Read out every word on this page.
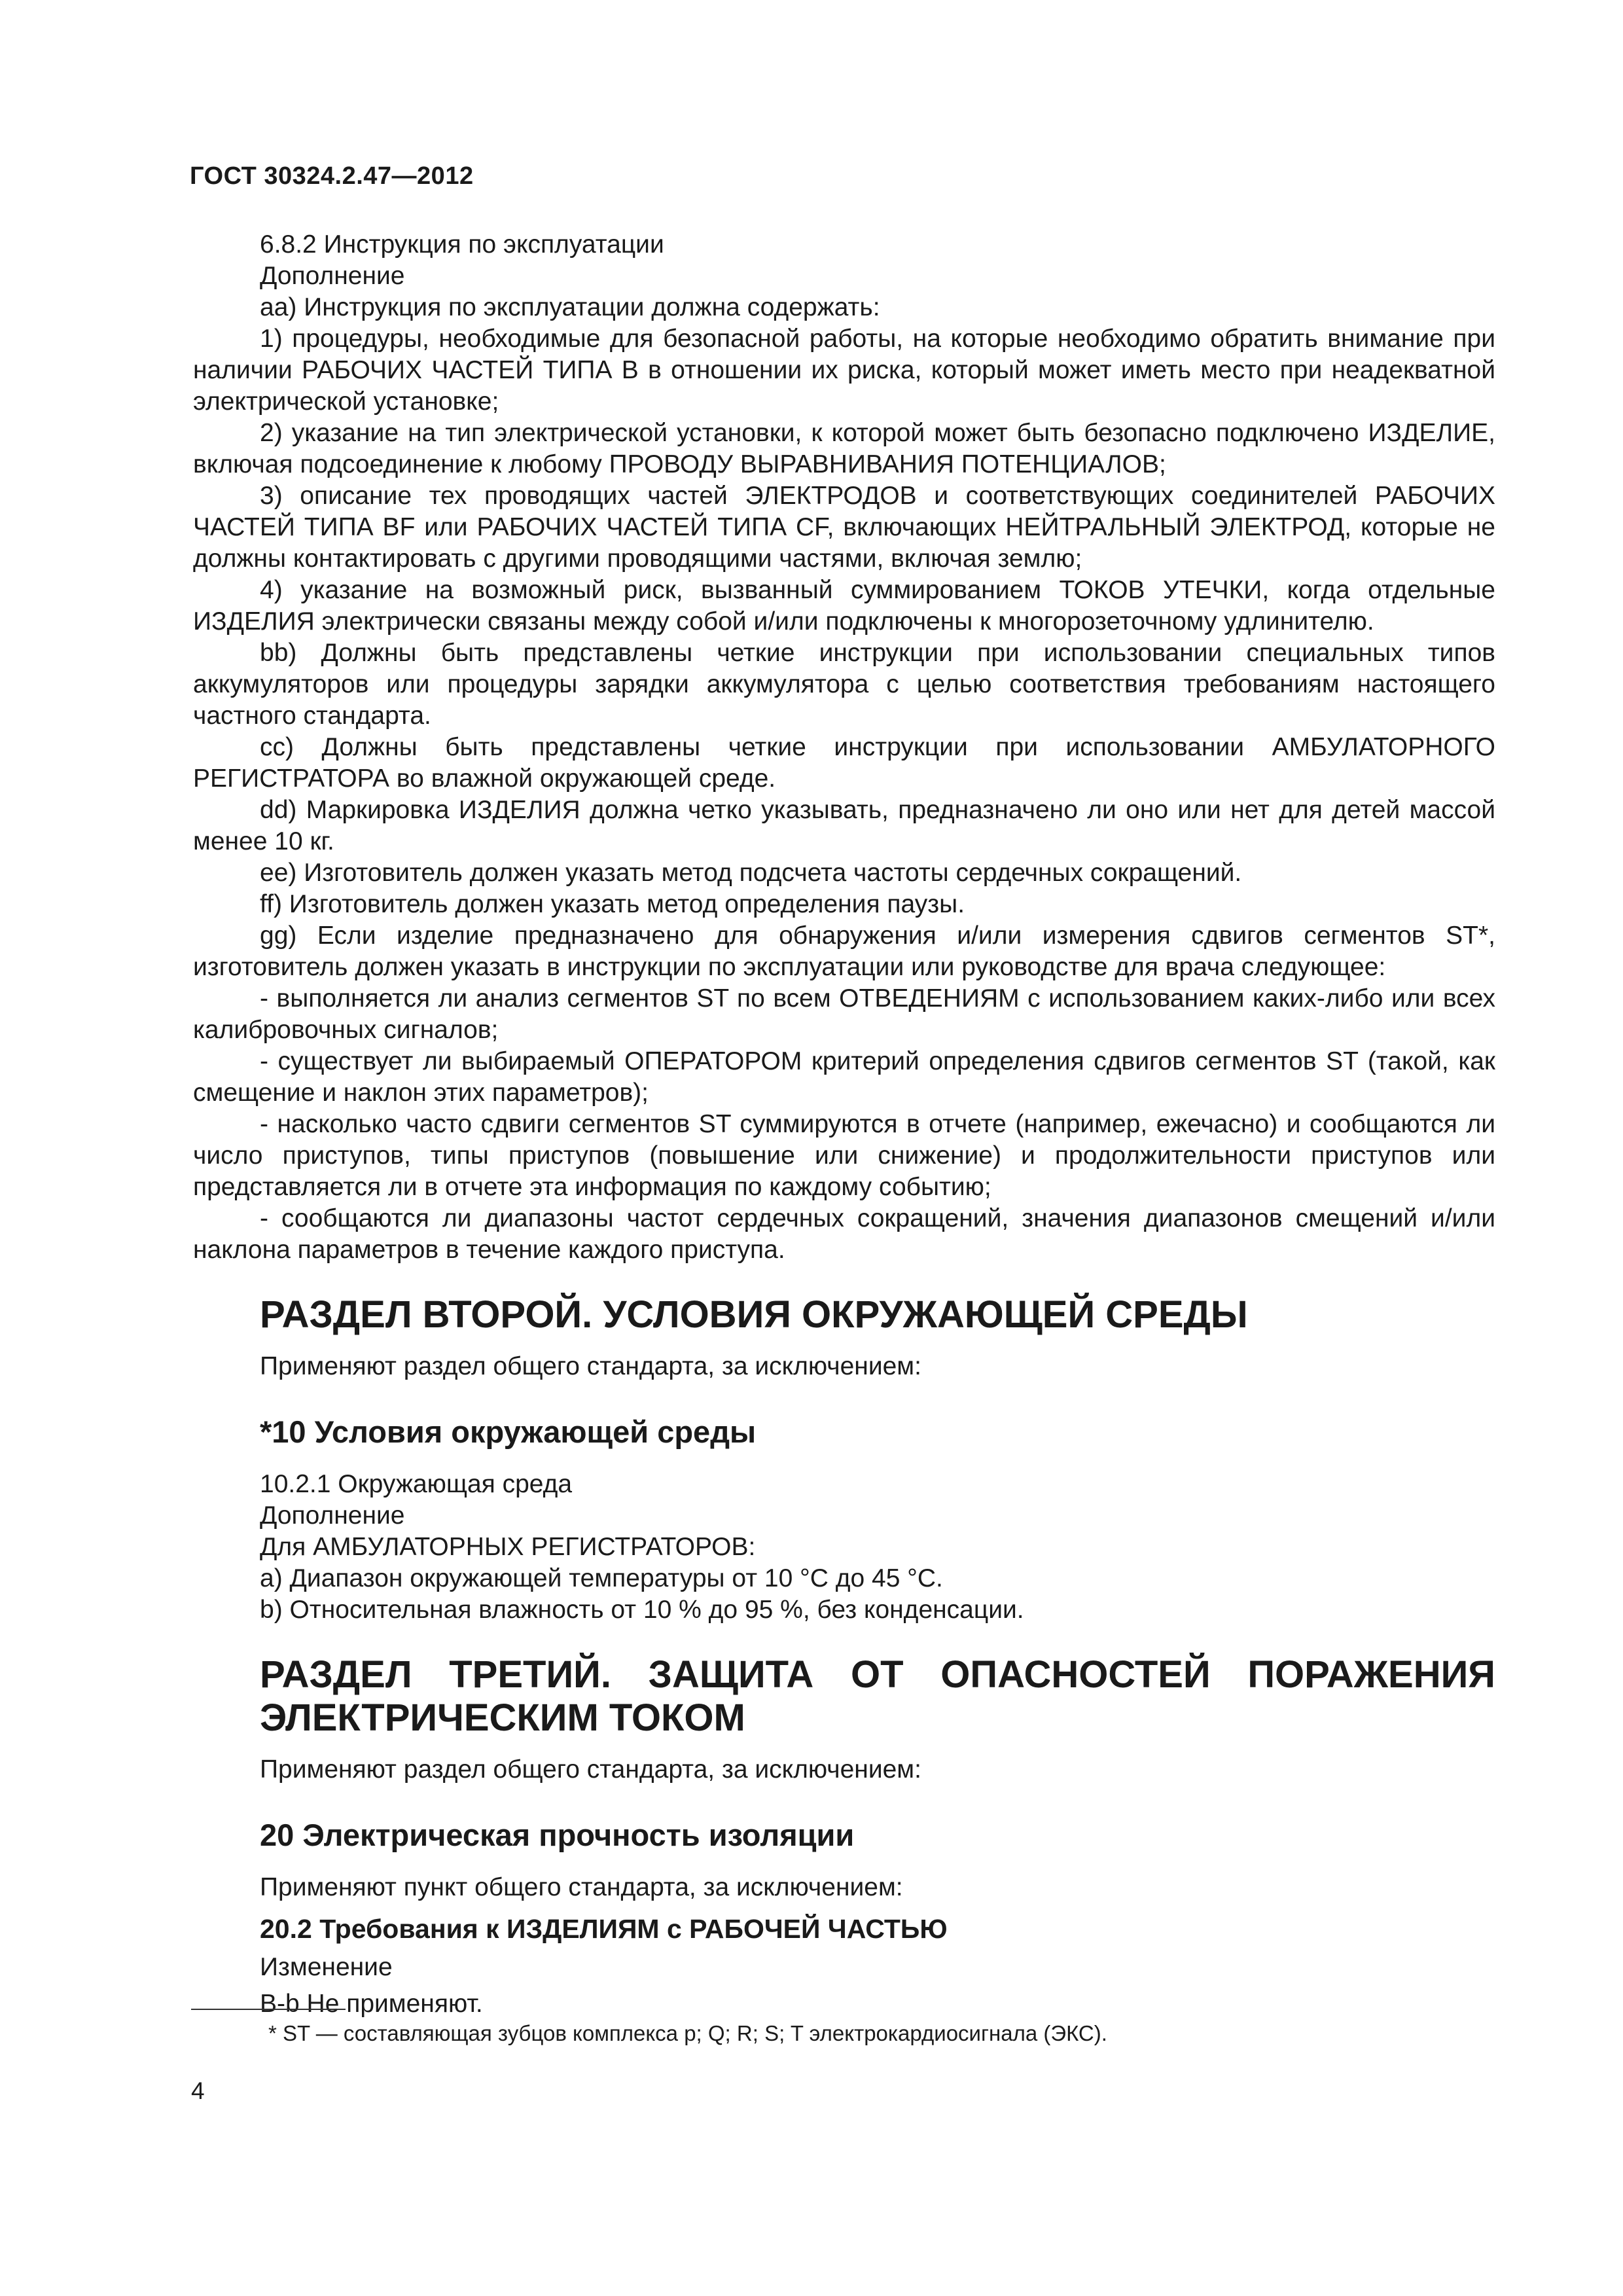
ГОСТ 30324.2.47—2012
6.8.2 Инструкция по эксплуатации
Дополнение
аа) Инструкция по эксплуатации должна содержать:

1) процедуры, необходимые для безопасной работы, на которые необходимо обратить внимание при наличии РАБОЧИХ ЧАСТЕЙ ТИПА В в отношении их риска, который может иметь место при неадекватной электрической установке;

2) указание на тип электрической установки, к которой может быть безопасно подключено ИЗДЕЛИЕ, включая подсоединение к любому ПРОВОДУ ВЫРАВНИВАНИЯ ПОТЕНЦИАЛОВ;

3) описание тех проводящих частей ЭЛЕКТРОДОВ и соответствующих соединителей РАБОЧИХ ЧАСТЕЙ ТИПА BF или РАБОЧИХ ЧАСТЕЙ ТИПА CF, включающих НЕЙТРАЛЬНЫЙ ЭЛЕКТРОД, которые не должны контактировать с другими проводящими частями, включая землю;

4) указание на возможный риск, вызванный суммированием ТОКОВ УТЕЧКИ, когда отдельные ИЗДЕЛИЯ электрически связаны между собой и/или подключены к многорозеточному удлинителю.

bb) Должны быть представлены четкие инструкции при использовании специальных типов аккумуляторов или процедуры зарядки аккумулятора с целью соответствия требованиям настоящего частного стандарта.

cc) Должны быть представлены четкие инструкции при использовании АМБУЛАТОРНОГО РЕГИСТРАТОРА во влажной окружающей среде.

dd) Маркировка ИЗДЕЛИЯ должна четко указывать, предназначено ли оно или нет для детей массой менее 10 кг.

ee) Изготовитель должен указать метод подсчета частоты сердечных сокращений.

ff) Изготовитель должен указать метод определения паузы.

gg) Если изделие предназначено для обнаружения и/или измерения сдвигов сегментов ST*, изготовитель должен указать в инструкции по эксплуатации или руководстве для врача следующее:

- выполняется ли анализ сегментов ST по всем ОТВЕДЕНИЯМ с использованием каких-либо или всех калибровочных сигналов;

- существует ли выбираемый ОПЕРАТОРОМ критерий определения сдвигов сегментов ST (такой, как смещение и наклон этих параметров);

- насколько часто сдвиги сегментов ST суммируются в отчете (например, ежечасно) и сообщаются ли число приступов, типы приступов (повышение или снижение) и продолжительности приступов или представляется ли в отчете эта информация по каждому событию;

- сообщаются ли диапазоны частот сердечных сокращений, значения диапазонов смещений и/или наклона параметров в течение каждого приступа.

РАЗДЕЛ ВТОРОЙ. УСЛОВИЯ ОКРУЖАЮЩЕЙ СРЕДЫ
Применяют раздел общего стандарта, за исключением:
*10 Условия окружающей среды
10.2.1 Окружающая среда
Дополнение
Для АМБУЛАТОРНЫХ РЕГИСТРАТОРОВ:
a) Диапазон окружающей температуры от 10 °C до 45 °C.
b) Относительная влажность от 10 % до 95 %, без конденсации.
РАЗДЕЛ ТРЕТИЙ. ЗАЩИТА ОТ ОПАСНОСТЕЙ ПОРАЖЕНИЯ ЭЛЕКТРИЧЕСКИМ ТОКОМ
Применяют раздел общего стандарта, за исключением:
20 Электрическая прочность изоляции
Применяют пункт общего стандарта, за исключением:
20.2 Требования к ИЗДЕЛИЯМ с РАБОЧЕЙ ЧАСТЬЮ
Изменение
B-b Не применяют.
* ST — составляющая зубцов комплекса p; Q; R; S; T электрокардиосигнала (ЭКС).
4
